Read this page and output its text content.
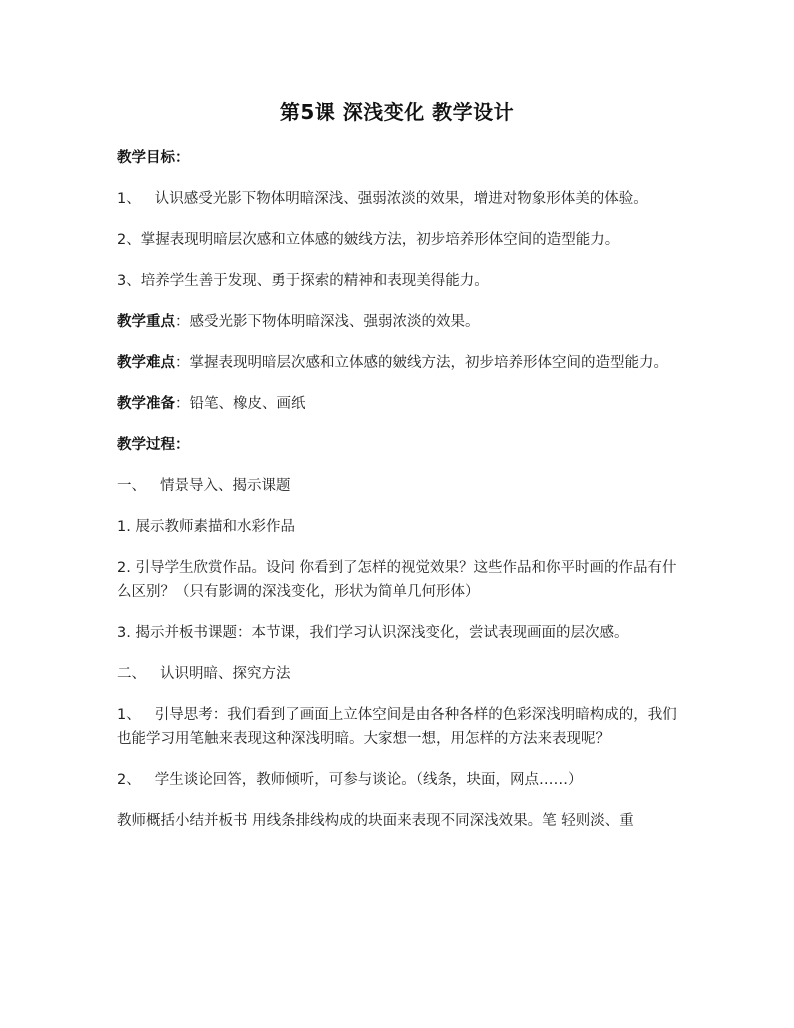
第5课 深浅变化 教学设计

教学目标：

1、 认识感受光影下物体明暗深浅、强弱浓淡的效果，增进对物象形体美的体验。

2、掌握表现明暗层次感和立体感的皴线方法，初步培养形体空间的造型能力。

3、培养学生善于发现、勇于探索的精神和表现美得能力。

教学重点：感受光影下物体明暗深浅、强弱浓淡的效果。

教学难点：掌握表现明暗层次感和立体感的皴线方法，初步培养形体空间的造型能力。

教学准备：铅笔、橡皮、画纸

教学过程：

一、 情景导入、揭示课题

1. 展示教师素描和水彩作品

2. 引导学生欣赏作品。设问 你看到了怎样的视觉效果？这些作品和你平时画的作品有什么区别？（只有影调的深浅变化，形状为简单几何形体）

3. 揭示并板书课题：本节课，我们学习认识深浅变化，尝试表现画面的层次感。

二、 认识明暗、探究方法

1、 引导思考：我们看到了画面上立体空间是由各种各样的色彩深浅明暗构成的，我们也能学习用笔触来表现这种深浅明暗。大家想一想，用怎样的方法来表现呢？

2、 学生谈论回答，教师倾听，可参与谈论。（线条，块面，网点……）

教师概括小结并板书 用线条排线构成的块面来表现不同深浅效果。笔 轻则淡、重
